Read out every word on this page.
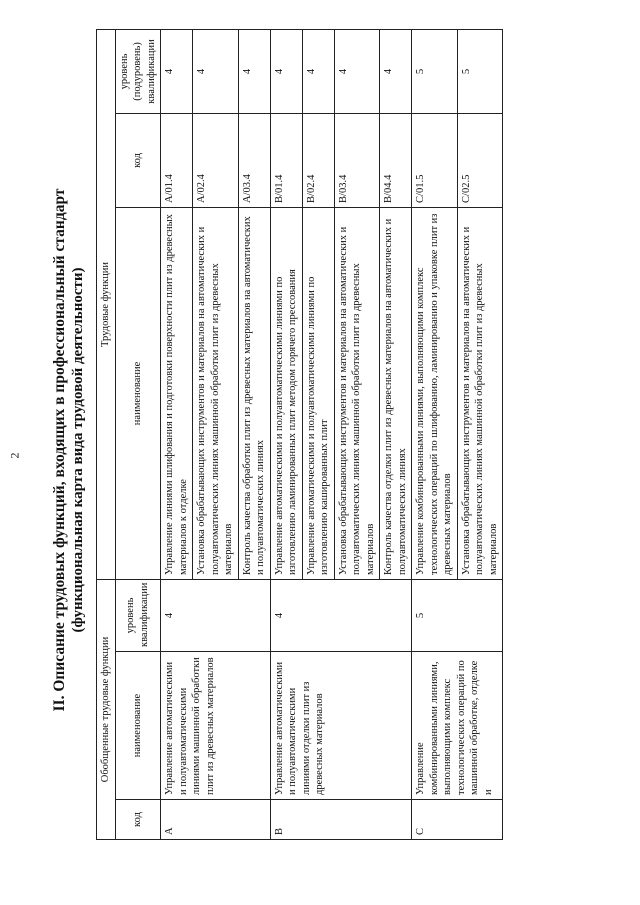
2 II. Описание трудовых функций, входящих в профессиональный стандарт (функциональная карта вида трудовой деятельности)
Обобщенные трудовые функции			Трудовые функции		
код	наименование	уровень квалификации	наименование	код	уровень (подуровень) квалификации
A	Управление автоматическими и полуавтоматическими линиями машинной обработки плит из древесных материалов	4	Управление линиями шлифования и подготовки поверхности плит из древесных материалов к отделке	A/01.4	4
			Установка обрабатывающих инструментов и материалов на автоматических и полуавтоматических линиях машинной обработки плит из древесных материалов	A/02.4	4
			Контроль качества обработки плит из древесных материалов на автоматических и полуавтоматических линиях	A/03.4	4
B	Управление автоматическими и полуавтоматическими линиями отделки плит из древесных материалов	4	Управление автоматическими и полуавтоматическими линиями по изготовлению ламинированных плит методом горячего прессования	B/01.4	4
			Управление автоматическими и полуавтоматическими линиями по изготовлению кашированных плит	B/02.4	4
			Установка обрабатывающих инструментов и материалов на автоматических и полуавтоматических линиях машинной обработки плит из древесных материалов	B/03.4	4
			Контроль качества отделки плит из древесных материалов на автоматических и полуавтоматических линиях	B/04.4	4
C	Управление комбинированными линиями, выполняющими комплекс технологических операций по машинной обработке, отделке и	5	Управление комбинированными линиями, выполняющими комплекс технологических операций по шлифованию, ламинированию и упаковке плит из древесных материалов	C/01.5	5
			Установка обрабатывающих инструментов и материалов на автоматических и полуавтоматических линиях машинной обработки плит из древесных материалов	C/02.5	5
